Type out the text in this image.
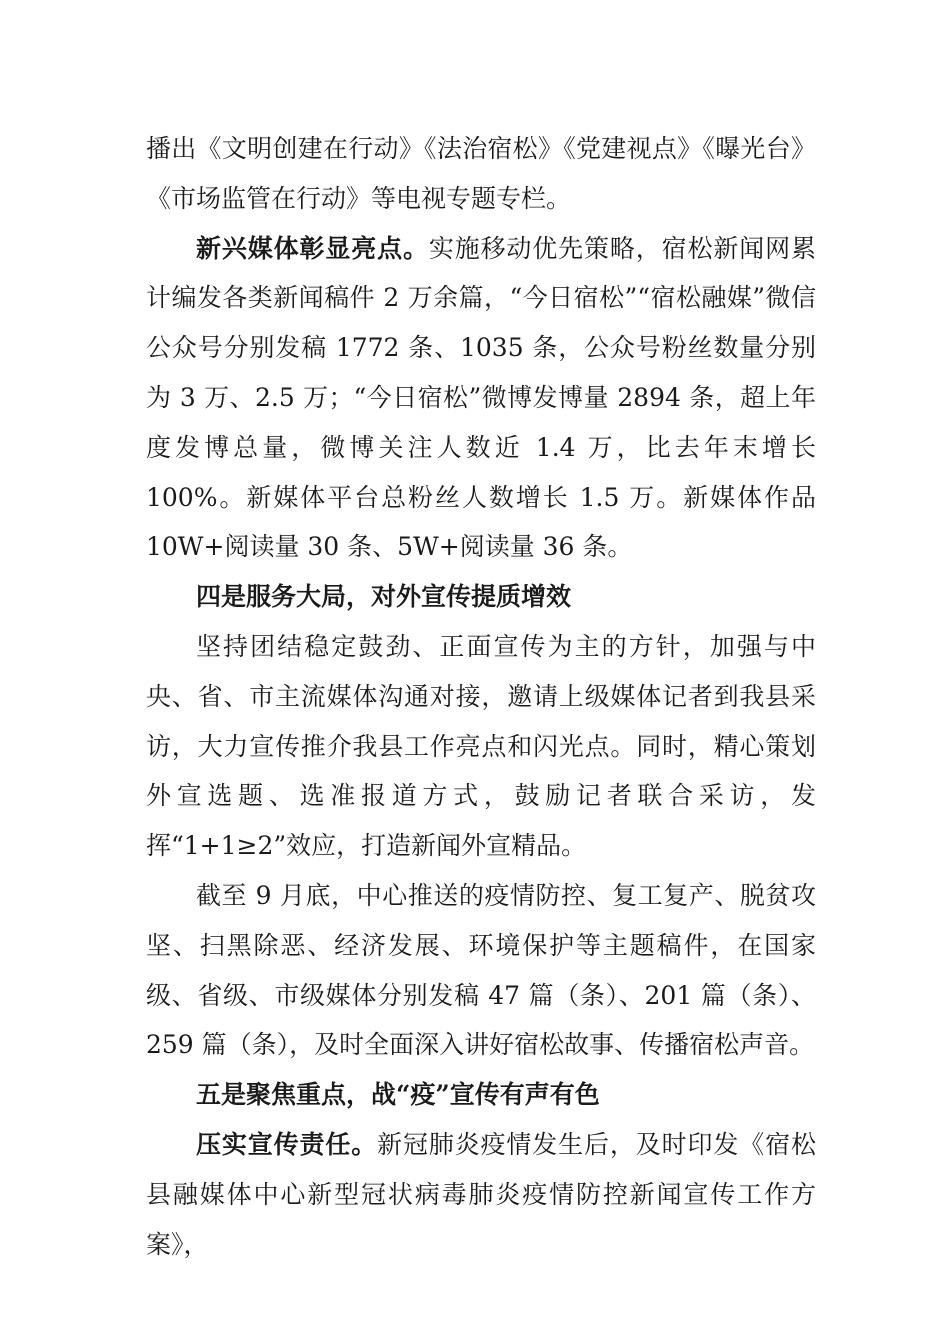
播出《文明创建在行动》《法治宿松》《党建视点》《曝光台》《市场监管在行动》等电视专题专栏。

新兴媒体彰显亮点。实施移动优先策略，宿松新闻网累计编发各类新闻稿件 2 万余篇，“今日宿松”“宿松融媒”微信公众号分别发稿 1772 条、1035 条，公众号粉丝数量分别为 3 万、2.5 万；“今日宿松”微博发博量 2894 条，超上年度发博总量，微博关注人数近 1.4 万，比去年末增长 100%。新媒体平台总粉丝人数增长 1.5 万。新媒体作品 10W+阅读量 30 条、5W+阅读量 36 条。

四是服务大局，对外宣传提质增效

坚持团结稳定鼓劲、正面宣传为主的方针，加强与中央、省、市主流媒体沟通对接，邀请上级媒体记者到我县采访，大力宣传推介我县工作亮点和闪光点。同时，精心策划外宣选题、选准报道方式，鼓励记者联合采访，发挥“1+1≥2”效应，打造新闻外宣精品。

截至 9 月底，中心推送的疫情防控、复工复产、脱贫攻坚、扫黑除恶、经济发展、环境保护等主题稿件，在国家级、省级、市级媒体分别发稿 47 篇（条）、201 篇（条）、259 篇（条），及时全面深入讲好宿松故事、传播宿松声音。

五是聚焦重点，战“疫”宣传有声有色

压实宣传责任。新冠肺炎疫情发生后，及时印发《宿松县融媒体中心新型冠状病毒肺炎疫情防控新闻宣传工作方案》，
